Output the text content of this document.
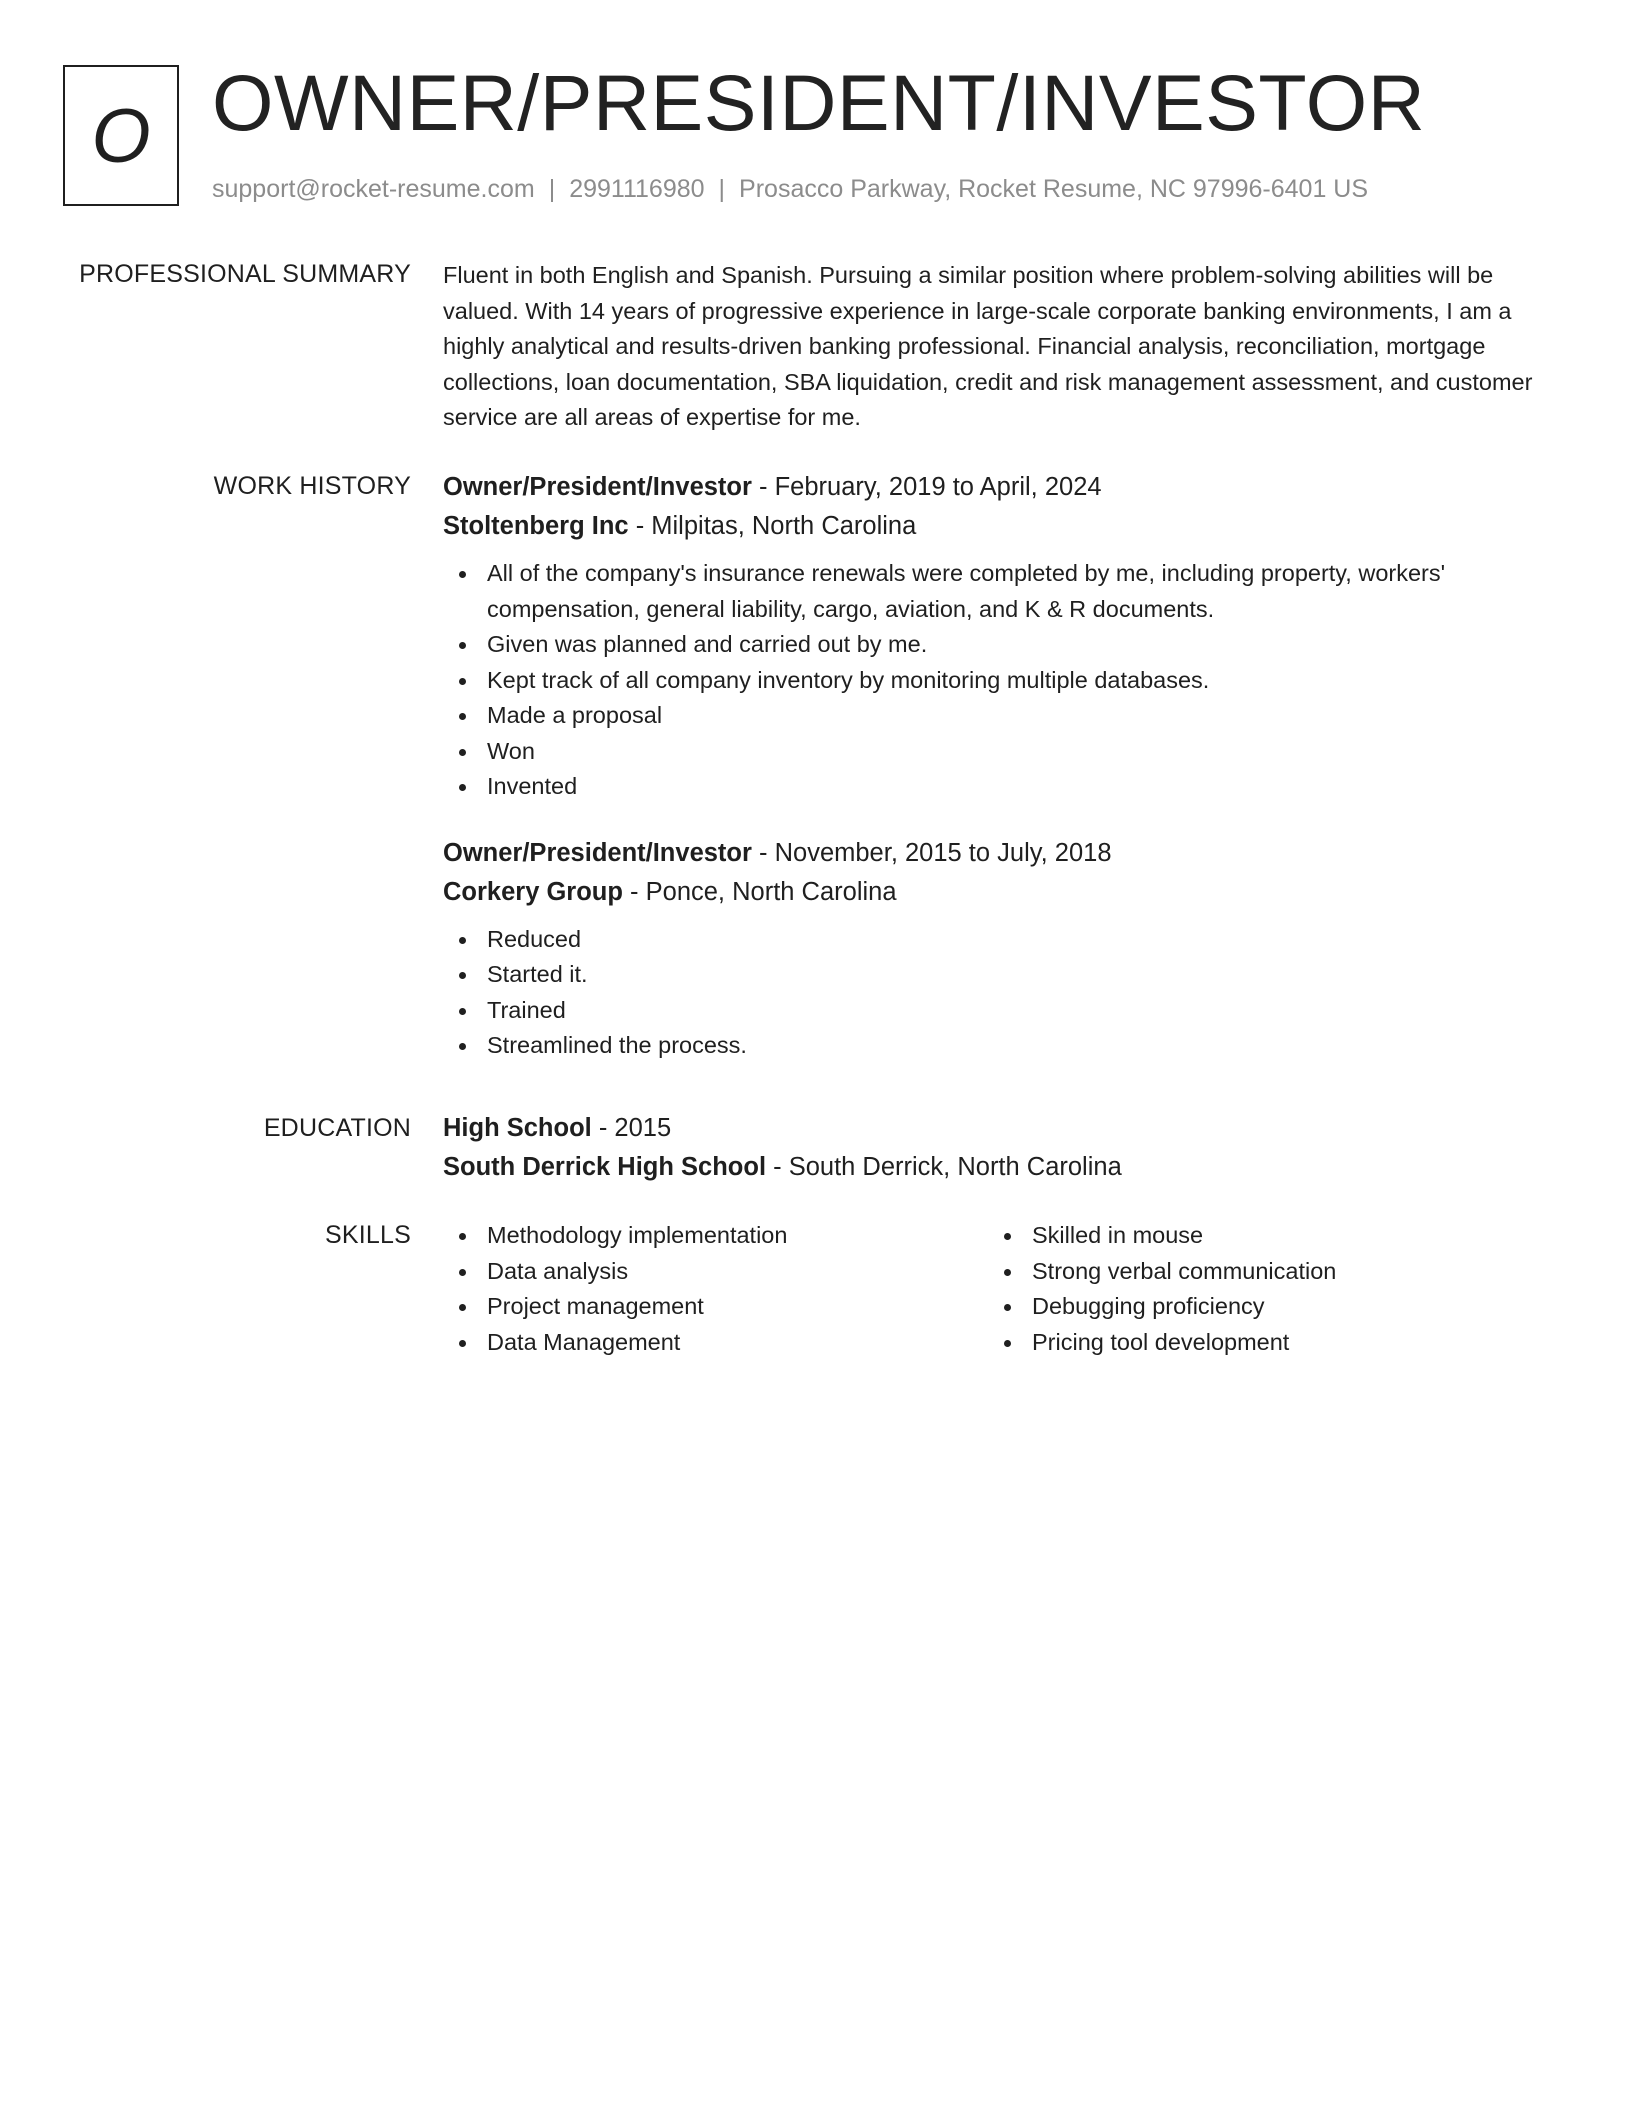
O OWNER/PRESIDENT/INVESTOR
support@rocket-resume.com | 2991116980 | Prosacco Parkway, Rocket Resume, NC 97996-6401 US
PROFESSIONAL SUMMARY Fluent in both English and Spanish. Pursuing a similar position where problem-solving abilities will be valued. With 14 years of progressive experience in large-scale corporate banking environments, I am a highly analytical and results-driven banking professional. Financial analysis, reconciliation, mortgage collections, loan documentation, SBA liquidation, credit and risk management assessment, and customer service are all areas of expertise for me.

WORK HISTORY Owner/President/Investor - February, 2019 to April, 2024
Stoltenberg Inc - Milpitas, North Carolina
All of the company's insurance renewals were completed by me, including property, workers' compensation, general liability, cargo, aviation, and K & R documents.
Given was planned and carried out by me.
Kept track of all company inventory by monitoring multiple databases.
Made a proposal
Won
Invented
Owner/President/Investor - November, 2015 to July, 2018
Corkery Group - Ponce, North Carolina
Reduced
Started it.
Trained
Streamlined the process.
EDUCATION High School - 2015
South Derrick High School - South Derrick, North Carolina
SKILLS	Methodology implementation
Data analysis
Project management
Data Management
Skilled in mouse
Strong verbal communication
Debugging proficiency
Pricing tool development
